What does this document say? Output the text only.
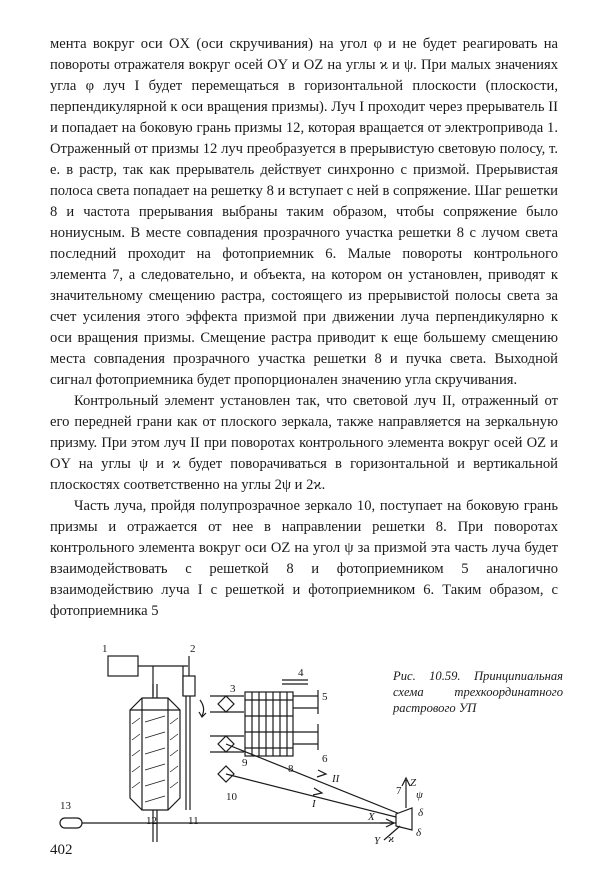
мента вокруг оси OX (оси скручивания) на угол φ и не будет реагировать на повороты отражателя вокруг осей OY и OZ на углы ϰ и ψ. При малых значениях угла φ луч I будет перемещаться в горизонтальной плоскости (плоскости, перпендикулярной к оси вращения призмы). Луч I проходит через прерыватель II и попадает на боковую грань призмы 12, которая вращается от электропривода 1. Отраженный от призмы 12 луч преобразуется в прерывистую световую полосу, т. е. в растр, так как прерыватель действует синхронно с призмой. Прерывистая полоса света попадает на решетку 8 и вступает с ней в сопряжение. Шаг решетки 8 и частота прерывания выбраны таким образом, чтобы сопряжение было нониусным. В месте совпадения прозрачного участка решетки 8 с лучом света последний проходит на фотоприемник 6. Малые повороты контрольного элемента 7, а следовательно, и объекта, на котором он установлен, приводят к значительному смещению растра, состоящего из прерывистой полосы света за счет усиления этого эффекта призмой при движении луча перпендикулярно к оси вращения призмы. Смещение растра приводит к еще большему смещению места совпадения прозрачного участка решетки 8 и пучка света. Выходной сигнал фотоприемника будет пропорционален значению угла скручивания.

Контрольный элемент установлен так, что световой луч II, отраженный от его передней грани как от плоского зеркала, также направляется на зеркальную призму. При этом луч II при поворотах контрольного элемента вокруг осей OZ и OY на углы ψ и ϰ будет поворачиваться в горизонтальной и вертикальной плоскостях соответственно на углы 2ψ и 2ϰ.

Часть луча, пройдя полупрозрачное зеркало 10, поступает на боковую грань призмы и отражается от нее в направлении решетки 8. При поворотах контрольного элемента вокруг оси OZ на угол ψ за призмой эта часть луча будет взаимодействовать с решеткой 8 и фотоприемником 5 аналогично взаимодействию луча I с решеткой и фотоприемником 6. Таким образом, с фотоприемника 5

1	2
3
4
5
6
7
8
9
10
11
12
13	I
II	Z
Y
X
ψ
δ
δ
ϰ
Рис. 10.59. Принципиальная схема трехкоординатного растрового УП
402
